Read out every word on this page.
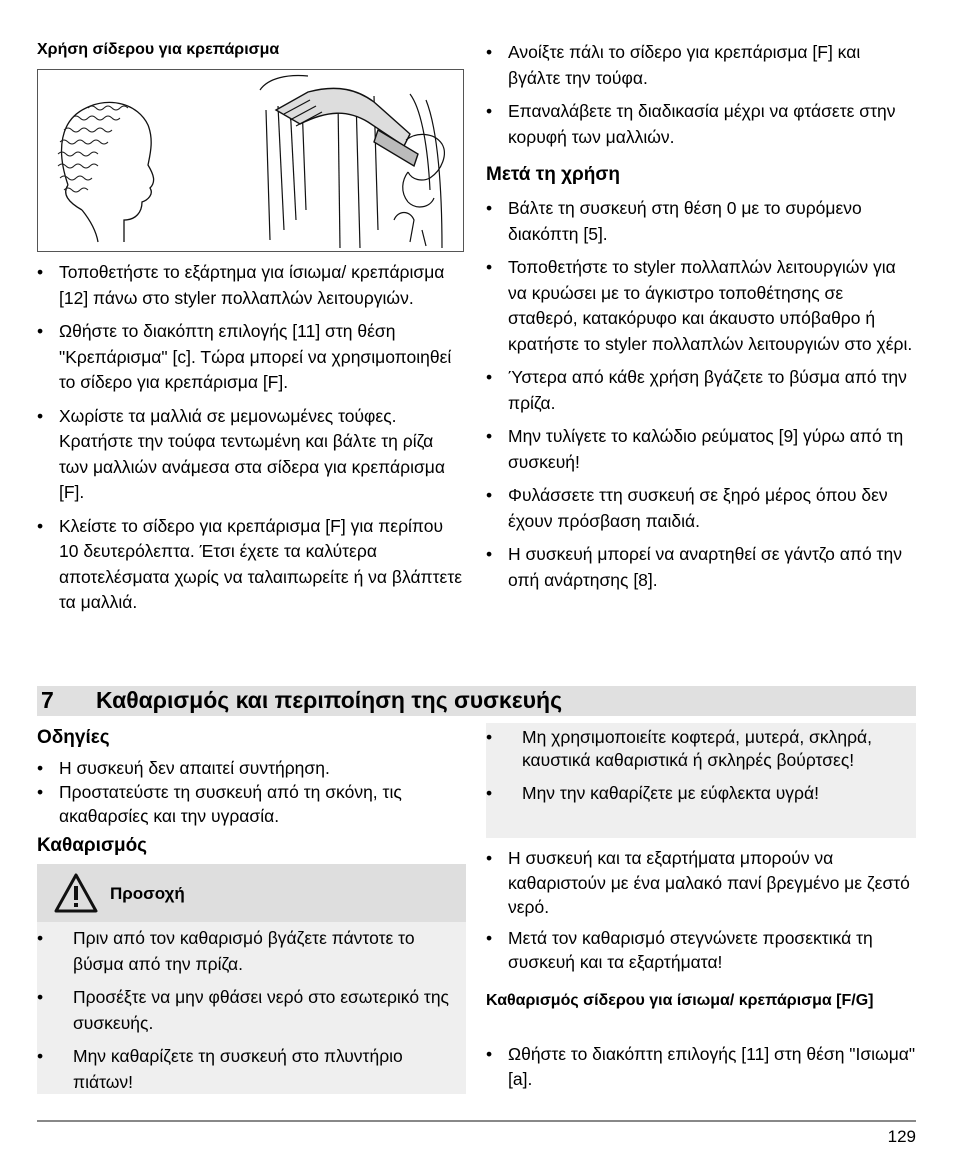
Χρήση σίδερου για κρεπάρισμα
• Τοποθετήστε το εξάρτημα για ίσιωμα/ κρεπάρισμα [12] πάνω στο styler πολλαπλών λειτουργιών.
• Ωθήστε το διακόπτη επιλογής [11] στη θέση "Κρεπάρισμα" [c]. Τώρα μπορεί να χρησιμοποιηθεί το σίδερο για κρεπάρισμα [F].
• Χωρίστε τα μαλλιά σε μεμονωμένες τούφες. Κρατήστε την τούφα τεντωμένη και βάλτε τη ρίζα των μαλλιών ανάμεσα στα σίδερα για κρεπάρισμα [F].
• Κλείστε το σίδερο για κρεπάρισμα [F] για περίπου 10 δευτερόλεπτα. Έτσι έχετε τα καλύτερα αποτελέσματα χωρίς να ταλαιπωρείτε ή να βλάπτετε τα μαλλιά.
• Ανοίξτε πάλι το σίδερο για κρεπάρισμα [F] και βγάλτε την τούφα.
• Επαναλάβετε τη διαδικασία μέχρι να φτάσετε στην κορυφή των μαλλιών.
Μετά τη χρήση
• Βάλτε τη συσκευή στη θέση 0 με το συρόμενο διακόπτη [5].
• Τοποθετήστε το styler πολλαπλών λειτουργιών για να κρυώσει με το άγκιστρο τοποθέτησης σε σταθερό, κατακόρυφο και άκαυστο υπόβαθρο ή κρατήστε το styler πολλαπλών λειτουργιών στο χέρι.
• Ύστερα από κάθε χρήση βγάζετε το βύσμα από την πρίζα.
• Μην τυλίγετε το καλώδιο ρεύματος [9] γύρω από τη συσκευή!
• Φυλάσσετε ττη συσκευή σε ξηρό μέρος όπου δεν έχουν πρόσβαση παιδιά.
• Η συσκευή μπορεί να αναρτηθεί σε γάντζο από την οπή ανάρτησης [8].
7 Καθαρισμός και περιποίηση της συσκευής
Οδηγίες
• Η συσκευή δεν απαιτεί συντήρηση.
• Προστατεύστε τη συσκευή από τη σκόνη, τις ακαθαρσίες και την υγρασία.
Καθαρισμός
Προσοχή
• Πριν από τον καθαρισμό βγάζετε πάντοτε το βύσμα από την πρίζα.
• Προσέξτε να μην φθάσει νερό στο εσωτερικό της συσκευής.
• Μην καθαρίζετε τη συσκευή στο πλυντήριο πιάτων!
• Μη χρησιμοποιείτε κοφτερά, μυτερά, σκληρά, καυστικά καθαριστικά ή σκληρές βούρτσες!
• Μην την καθαρίζετε με εύφλεκτα υγρά!
• Η συσκευή και τα εξαρτήματα μπορούν να καθαριστούν με ένα μαλακό πανί βρεγμένο με ζεστό νερό.
• Μετά τον καθαρισμό στεγνώνετε προσεκτικά τη συσκευή και τα εξαρτήματα!
Καθαρισμός σίδερου για ίσιωμα/ κρεπάρισμα [F/G]
• Ωθήστε το διακόπτη επιλογής [11] στη θέση "Ισιωμα" [a].
129
